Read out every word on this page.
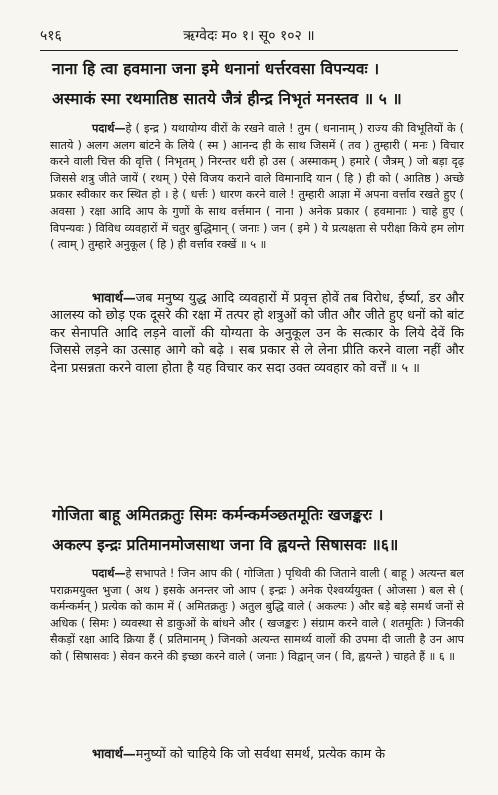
५१६	ऋग्वेदः म० १। सू० १०२ ॥
नाना हि त्वा हवमाना जना इमे धनानां धर्त्तरवसा विपन्यवः ।
अस्माकं स्मा रथमातिष्ठ सातये जैत्रं हीन्द्र निभृतं मनस्तव ॥ ५ ॥
पदार्थ—हे ( इन्द्र ) यथायोग्य वीरों के रखने वाले ! तुम ( धनानाम् ) राज्य की विभूतियों के ( सातये ) अलग अलग बांटने के लिये ( स्म ) आनन्द ही के साथ जिसमें ( तव ) तुम्हारी ( मनः ) विचार करने वाली चित्त की वृत्ति ( निभृतम् ) निरन्तर धरी हो उस ( अस्माकम् ) हमारे ( जैत्रम् ) जो बड़ा दृढ़ जिससे शत्रु जीते जायें ( रथम् ) ऐसे विजय कराने वाले विमानादि यान ( हि ) ही को ( आतिष्ठ ) अच्छे प्रकार स्वीकार कर स्थित हो । हे ( धर्त्तः ) धारण करने वाले ! तुम्हारी आज्ञा में अपना वर्त्ताव रखते हुए ( अवसा ) रक्षा आदि आप के गुणों के साथ वर्त्तमान ( नाना ) अनेक प्रकार ( हवमानाः ) चाहे हुए ( विपन्यवः ) विविध व्यवहारों में चतुर बुद्धिमान् ( जनाः ) जन ( इमे ) ये प्रत्यक्षता से परीक्षा किये हम लोग ( त्वाम् ) तुम्हारे अनुकूल ( हि ) ही वर्त्ताव रक्खें ॥ ५ ॥
भावार्थ—जब मनुष्य युद्ध आदि व्यवहारों में प्रवृत्त होवें तब विरोध, ईर्ष्या, डर और आलस्य को छोड़ एक दूसरे की रक्षा में तत्पर हो शत्रुओं को जीत और जीते हुए धनों को बांट कर सेनापति आदि लड़ने वालों की योग्यता के अनुकूल उन के सत्कार के लिये देवें कि जिससे लड़ने का उत्साह आगे को बढ़े । सब प्रकार से ले लेना प्रीति करने वाला नहीं और देना प्रसन्नता करने वाला होता है यह विचार कर सदा उक्त व्यवहार को वर्त्तें ॥ ५ ॥
गोजिता बाहू अमितक्रतुः सिमः कर्मन्कर्मञ्छतमूतिः खजङ्करः ।
अकल्प इन्द्रः प्रतिमानमोजसाथा जना वि ह्वयन्ते सिषासवः ॥६॥
पदार्थ—हे सभापते ! जिन आप की ( गोजिता ) पृथिवी की जिताने वाली ( बाहू ) अत्यन्त बल पराक्रमयुक्त भुजा ( अथ ) इसके अनन्तर जो आप ( इन्द्रः ) अनेक ऐश्वर्य्ययुक्त ( ओजसा ) बल से ( कर्मन्कर्मन् ) प्रत्येक को काम में ( अमितक्रतुः ) अतुल बुद्धि वाले ( अकल्पः ) और बड़े बड़े समर्थ जनों से अधिक ( सिमः ) व्यवस्था से डाकुओं के बांधने और ( खजङ्करः ) संग्राम करने वाले ( शतमूतिः ) जिनकी सैकड़ों रक्षा आदि क्रिया हैं ( प्रतिमानम् ) जिनको अत्यन्त सामर्थ्य वालों की उपमा दी जाती है उन आप को ( सिषासवः ) सेवन करने की इच्छा करने वाले ( जनाः ) विद्वान् जन ( वि, ह्वयन्ते ) चाहते हैं ॥ ६ ॥
भावार्थ—मनुष्यों को चाहिये कि जो सर्वथा समर्थ, प्रत्येक काम के
